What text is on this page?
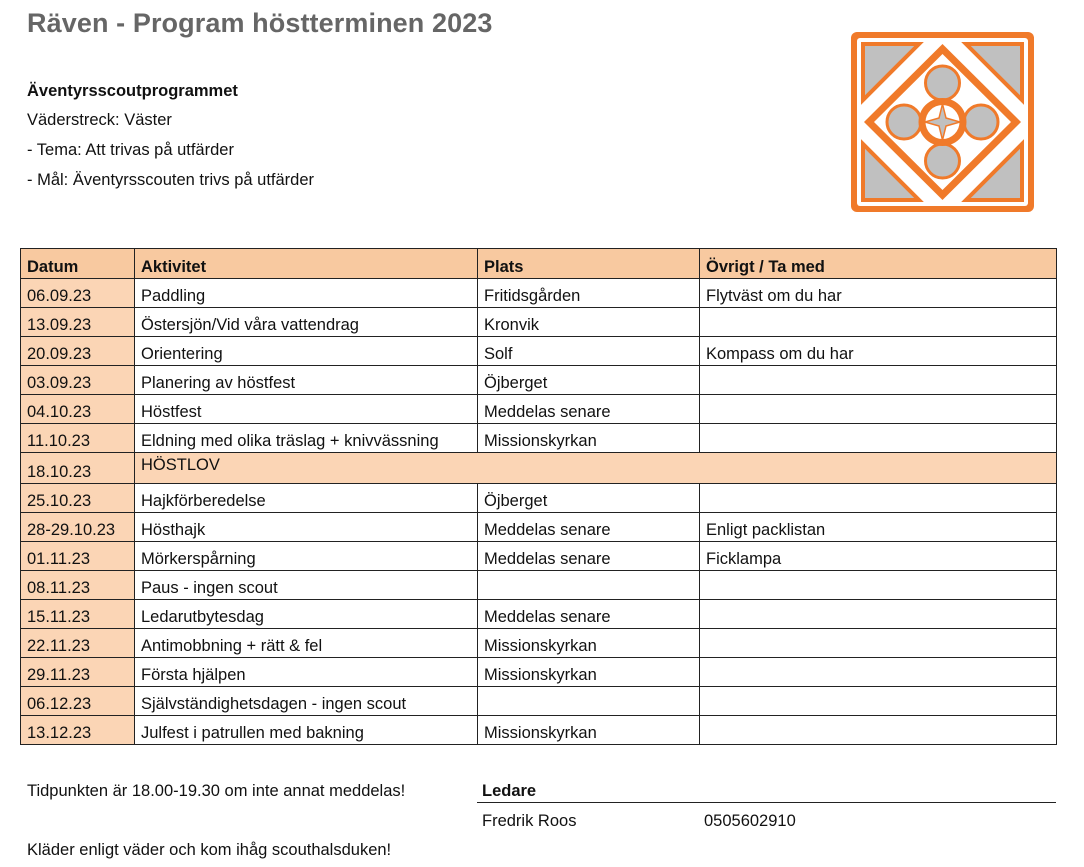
Räven - Program höstterminen 2023
Äventyrsscoutprogrammet
Väderstreck: Väster
- Tema: Att trivas på utfärder
- Mål: Äventyrsscouten trivs på utfärder
Datum	Aktivitet	Plats	Övrigt / Ta med
06.09.23	Paddling	Fritidsgården	Flytväst om du har
13.09.23	Östersjön/Vid våra vattendrag	Kronvik	
20.09.23	Orientering	Solf	Kompass om du har
03.09.23	Planering av höstfest	Öjberget	
04.10.23	Höstfest	Meddelas senare	
11.10.23	Eldning med olika träslag + knivvässning	Missionskyrkan	
18.10.23	HÖSTLOV		
25.10.23	Hajkförberedelse	Öjberget	
28-29.10.23	Hösthajk	Meddelas senare	Enligt packlistan
01.11.23	Mörkerspårning	Meddelas senare	Ficklampa
08.11.23	Paus - ingen scout		
15.11.23	Ledarutbytesdag	Meddelas senare	
22.11.23	Antimobbning + rätt & fel	Missionskyrkan	
29.11.23	Första hjälpen	Missionskyrkan	
06.12.23	Självständighetsdagen - ingen scout		
13.12.23	Julfest i patrullen med bakning	Missionskyrkan	
Tidpunkten är 18.00-19.30 om inte annat meddelas!
Kläder enligt väder och kom ihåg scouthalsduken!
Ledare
Fredrik Roos	0505602910
